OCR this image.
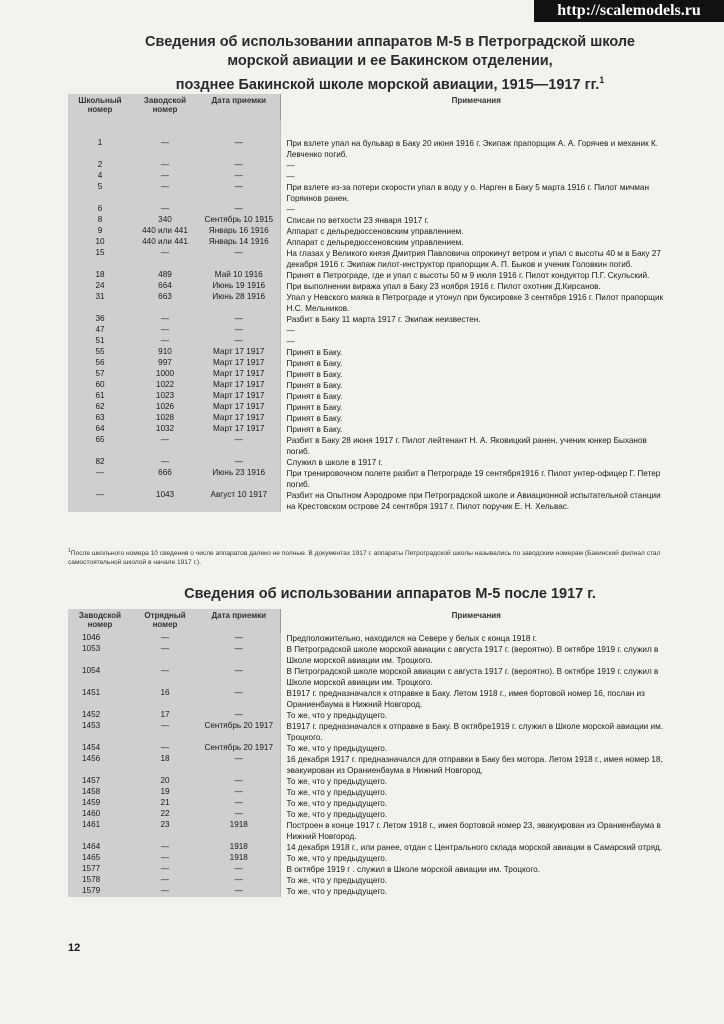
http://scalemodels.ru
Сведения об использовании аппаратов М-5 в Петроградской школе
морской авиации и ее Бакинском отделении,
позднее Бакинской школе морской авиации, 1915—1917 гг.$^1$
Школьный номер	Заводской номер	Дата приемки	Примечания

1	—	—	При взлете упал на бульвар в Баку 20 июня 1916 г. Экипаж прапорщик А. А. Горячев и механик К. Левченко погиб.
2	—	—	—
4	—	—	—
5	—	—	При взлете из-за потери скорости упал в воду у о. Нарген в Баку 5 марта 1916 г. Пилот мичман Горяинов ранен.
6	—	—	—
8	340	Сентябрь 10 1915	Списан по ветхости 23 января 1917 г.
9	440 или 441	Январь 16 1916	Аппарат с дельредюссеновским управлением.
10	440 или 441	Январь 14 1916	Аппарат с дельредюссеновским управлением.
15	—	—	На глазах у Великого князя Дмитрия Павловича опрокинут ветром и упал с высоты 40 м в Баку 27 декабря 1916 г. Экипаж пилот-инструктор прапорщик А. П. Быков и ученик Головкин погиб.
18	489	Май 10 1916	Принят в Петрограде, где и упал с высоты 50 м 9 июля 1916 г. Пилот кондуктор П.Г. Скульский.
24	664	Июнь 19 1916	При выполнении виража упал в Баку 23 ноября 1916 г. Пилот охотник Д.Кирсанов.
31	663	Июнь 28 1916	Упал у Невского маяка в Петрограде и утонул при буксировке 3 сентября 1916 г. Пилот прапорщик Н.С. Мельников.
36	—	—	Разбит в Баку 11 марта 1917 г. Экипаж неизвестен.
47	—	—	—
51	—	—	—
55	910	Март 17 1917	Принят в Баку.
56	997	Март 17 1917	Принят в Баку.
57	1000	Март 17 1917	Принят в Баку.
60	1022	Март 17 1917	Принят в Баку.
61	1023	Март 17 1917	Принят в Баку.
62	1026	Март 17 1917	Принят в Баку.
63	1028	Март 17 1917	Принят в Баку.
64	1032	Март 17 1917	Принят в Баку.
65	—	—	Разбит в Баку 28 июня 1917 г. Пилот лейтенант Н. А. Яковицкий ранен, ученик юнкер Быханов погиб.
82	—	—	Служил в школе в 1917 г.
—	666	Июнь 23 1916	При тренировочном полете разбит в Петрограде 19 сентября1916 г. Пилот унтер-офицер Г. Петер погиб.
—	1043	Август 10 1917	Разбит на Опытном Аэродроме при Петроградской школе и Авиационной испытательной станции на Крестовском острове 24 сентября 1917 г. Пилот поручик Е. Н. Хельвас.
$^1$После школьного номера 10 сведения о числе аппаратов далеко не полные. В документах 1917 г. аппараты Петроградской школы назывались по заводским номерам (Бакинский филиал стал самостоятельной школой в начале 1917 г.).
Сведения об использовании аппаратов М-5 после 1917 г.
Заводской номер	Отрядный номер	Дата приемки	Примечания
1046	—	—	Предположительно, находился на Севере у белых с конца 1918 г.
1053	—	—	В Петроградской школе морской авиации с августа 1917 г. (вероятно). В октябре 1919 г. служил в Школе морской авиации им. Троцкого.
1054	—	—	В Петроградской школе морской авиации с августа 1917 г. (вероятно). В октябре 1919 г. служил в Школе морской авиации им. Троцкого.
1451	16	—	В1917 г. предназначался к отправке в Баку. Летом 1918 г., имея бортовой номер 16, послан из Ораниенбаума в Нижний Новгород.
1452	17	—	То же, что у предыдущего.
1453	—	Сентябрь 20 1917	В1917 г. предназначался к отправке в Баку. В октябре1919 г. служил в Школе морской авиации им. Троцкого.
1454	—	Сентябрь 20 1917	То же, что у предыдущего.
1456	18	—	16 декабря 1917 г. предназначался для отправки в Баку без мотора. Летом 1918 г., имея номер 18, эвакуирован из Ораниенбаума в Нижний Новгород.
1457	20	—	То же, что у предыдущего.
1458	19	—	То же, что у предыдущего.
1459	21	—	То же, что у предыдущего.
1460	22	—	То же, что у предыдущего.
1461	23	1918	Построен в конце 1917 г. Летом 1918 г., имея бортовой номер 23, эвакуирован из Ораниенбаума в Нижний Новгород.
1464	—	1918	14 декабря 1918 г., или ранее, отдан с Центрального склада морской авиации в Самарский отряд.
1465	—	1918	То же, что у предыдущего.
1577	—	—	В октябре 1919 г . служил в Школе морской авиации им. Троцкого.
1578	—	—	То же, что у предыдущего.
1579	—	—	То же, что у предыдущего.
12
